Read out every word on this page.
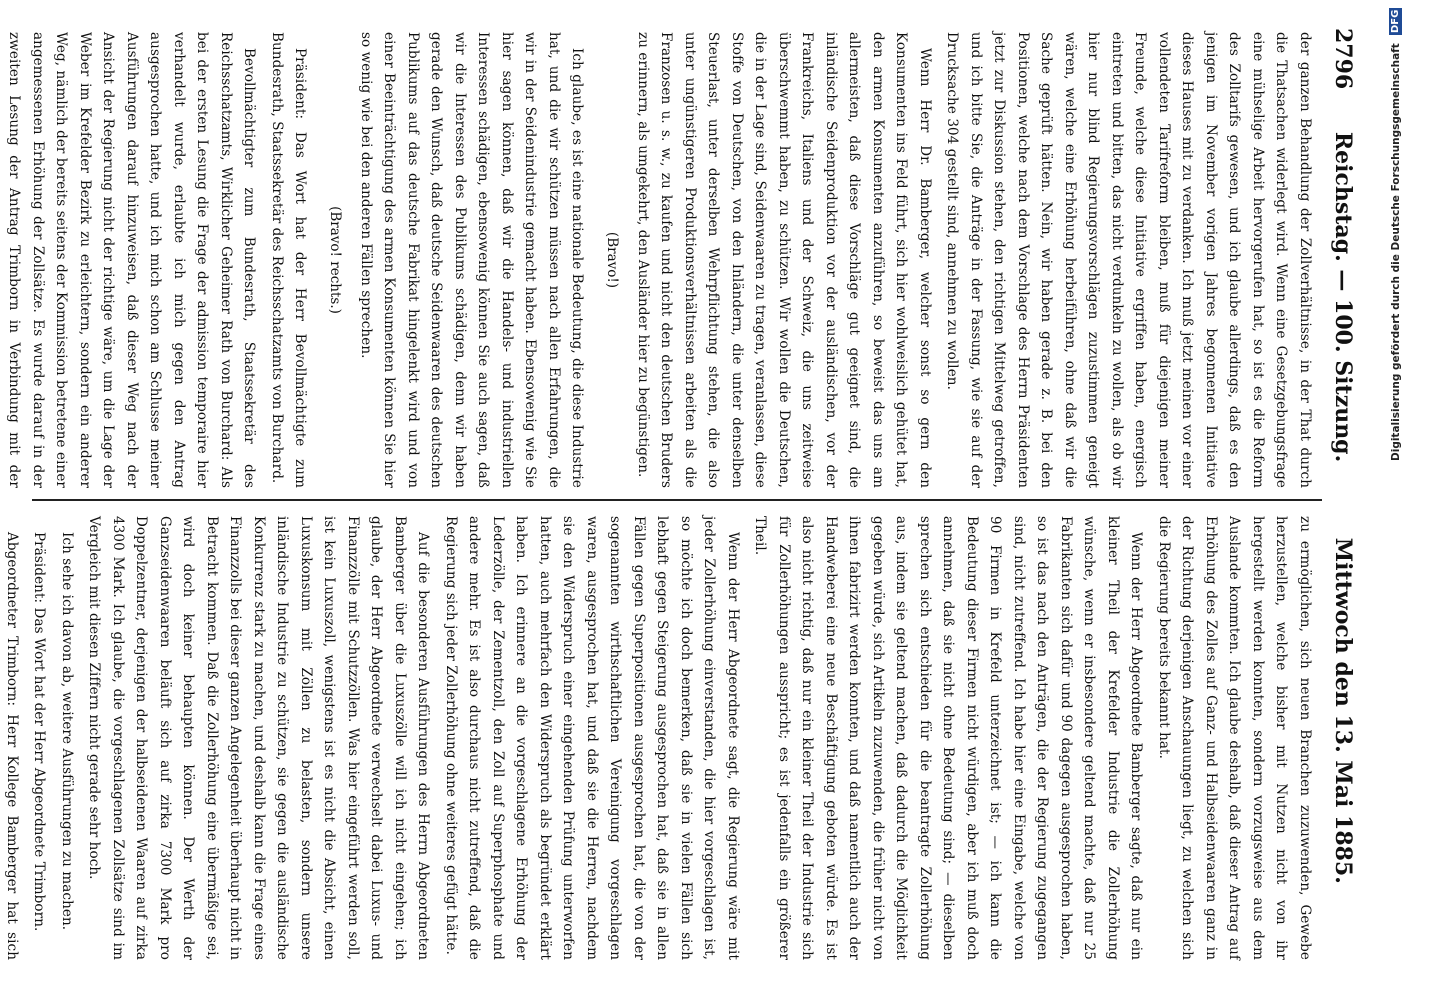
2796
Reichstag. — 100. Sitzung.
Mittwoch den 13. Mai 1885.

der ganzen Behandlung der Zollverhältnisse, in der That durch die Thatsachen widerlegt wird. Wenn eine Gesetzgebungsfrage eine mühselige Arbeit hervorgerufen hat, so ist es die Reform des Zolltarifs gewesen, und ich glaube allerdings, daß es den jenigen im November vorigen Jahres begonnenen Initiative dieses Hauses mit zu verdanken. Ich muß jetzt meinen vor einer vollendeten Tarifreform bleiben, muß für diejenigen meiner Freunde, welche diese Initiative ergriffen haben, energisch eintreten und bitten, das nicht verdunkeln zu wollen, als ob wir hier nur blind Regierungsvorschlägen zuzustimmen geneigt wären, welche eine Erhöhung herbeiführen, ohne daß wir die Sache geprüft hätten. Nein, wir haben gerade z. B. bei den Positionen, welche nach dem Vorschlage des Herrn Präsidenten jetzt zur Diskussion stehen, den richtigen Mittelweg getroffen, und ich bitte Sie, die Anträge in der Fassung, wie sie auf der Drucksache 304 gestellt sind, annehmen zu wollen.

Wenn Herr Dr. Bamberger, welcher sonst so gern den Konsumenten ins Feld führt, sich hier wohlweislich gehütet hat, den armen Konsumenten anzuführen, so beweist das uns am allermeisten, daß diese Vorschläge gut geeignet sind, die inländische Seidenproduktion vor der ausländischen, vor der Frankreichs, Italiens und der Schweiz, die uns zeitweise überschwemmt haben, zu schützen. Wir wollen die Deutschen, die in der Lage sind, Seidenwaaren zu tragen, veranlassen, diese Stoffe von Deutschen, von den Inländern, die unter denselben Steuerlast, unter derselben Wehrpflichtung stehen, die also unter ungünstigeren Produktionsverhältnissen arbeiten als die Franzosen u. s. w., zu kaufen und nicht den deutschen Bruders zu erinnern, als umgekehrt, den Ausländer hier zu begünstigen.

(Bravo!)

Ich glaube, es ist eine nationale Bedeutung, die diese Industrie hat, und die wir schützen müssen nach allen Erfahrungen, die wir in der Seidenindustrie gemacht haben. Ebensowenig wie Sie hier sagen können, daß wir die Handels- und industriellen Interessen schädigen, ebensowenig können Sie auch sagen, daß wir die Interessen des Publikums schädigen, denn wir haben gerade den Wunsch, daß deutsche Seidenwaaren des deutschen Publikums auf das deutsche Fabrikat hingelenkt wird und von einer Beeinträchtigung des armen Konsumenten können Sie hier so wenig wie bei den anderen Fällen sprechen.

(Bravo! rechts.)

Präsident: Das Wort hat der Herr Bevollmächtigte zum Bundesrath, Staatssekretär des Reichsschatzamts von Burchard.

Bevollmächtigter zum Bundesrath, Staatssekretär des Reichsschatzamts, Wirklicher Geheimer Rath von Burchard: Als bei der ersten Lesung die Frage der admission temporaire hier verhandelt wurde, erlaubte ich mich gegen den Antrag ausgesprochen hatte, und ich mich schon am Schlusse meiner Ausführungen darauf hinzuweisen, daß dieser Weg nach der Ansicht der Regierung nicht der richtige wäre, um die Lage der Weber im Krefelder Bezirk zu erleichtern, sondern ein anderer Weg, nämlich der bereits seitens der Kommission betretene einer angemessenen Erhöhung der Zollsätze. Es wurde darauf in der zweiten Lesung der Antrag Trimborn in Verbindung mit der

zu ermöglichen, sich neuen Branchen zuzuwenden, Gewebe herzustellen, welche bisher mit Nutzen nicht von ihr hergestellt werden konnten, sondern vorzugsweise aus dem Auslande kommten. Ich glaube deshalb, daß dieser Antrag auf Erhöhung des Zolles auf Ganz- und Halbseidenwaaren ganz in der Richtung derjenigen Anschauungen liegt, zu welchen sich die Regierung bereits bekannt hat.

Wenn der Herr Abgeordnete Bamberger sagte, daß nur ein kleiner Theil der Krefelder Industrie die Zollerhöhung wünsche, wenn er insbesondere geltend machte, daß nur 25 Fabrikanten sich dafür und 90 dagegen ausgesprochen haben, so ist das nach den Anträgen, die der Regierung zugegangen sind, nicht zutreffend. Ich habe hier eine Eingabe, welche von 90 Firmen in Krefeld unterzeichnet ist; — ich kann die Bedeutung dieser Firmen nicht würdigen, aber ich muß doch annehmen, daß sie nicht ohne Bedeutung sind; — dieselben sprechen sich entschieden für die beantragte Zollerhöhung aus, indem sie geltend machen, daß dadurch die Möglichkeit gegeben würde, sich Artikeln zuzuwenden, die früher nicht von ihnen fabrizirt werden konnten, und daß namentlich auch der Handweberei eine neue Beschäftigung geboten würde. Es ist also nicht richtig, daß nur ein kleiner Theil der Industrie sich für Zollerhöhungen ausspricht; es ist jedenfalls ein größerer Theil.

Wenn der Herr Abgeordnete sagt, die Regierung wäre mit jeder Zollerhöhung einverstanden, die hier vorgeschlagen ist, so möchte ich doch bemerken, daß sie in vielen Fällen sich lebhaft gegen Steigerung ausgesprochen hat, daß sie in allen Fällen gegen Superpositionen ausgesprochen hat, die von der sogenannten wirthschaftlichen Vereinigung vorgeschlagen waren, ausgesprochen hat, und daß sie die Herren, nachdem sie den Widerspruch einer eingehenden Prüfung unterworfen hatten, auch mehrfach den Widerspruch als begründet erklärt haben. Ich erinnere an die vorgeschlagene Erhöhung der Lederzölle, der Zementzoll, den Zoll auf Superphosphate und andere mehr. Es ist also durchaus nicht zutreffend, daß die Regierung sich jeder Zollerhöhung ohne weiteres gefügt hätte.

Auf die besonderen Ausführungen des Herrn Abgeordneten Bamberger über die Luxuszölle will ich nicht eingehen; ich glaube, der Herr Abgeordnete verwechselt dabei Luxus- und Finanzzölle mit Schutzzöllen. Was hier eingeführt werden soll, ist kein Luxuszoll, wenigstens ist es nicht die Absicht, einen Luxuskonsum mit Zöllen zu belasten, sondern unsere inländische Industrie zu schützen, sie gegen die ausländische Konkurrenz stark zu machen, und deshalb kann die Frage eines Finanzzolls bei dieser ganzen Angelegenheit überhaupt nicht in Betracht kommen. Daß die Zollerhöhung eine übermäßige sei, wird doch keiner behaupten können. Der Werth der Ganzseidenwaaren beläuft sich auf zirka 7300 Mark pro Doppelzentner, derjenigen der halbseidenen Waaren auf zirka 4300 Mark. Ich glaube, die vorgeschlagenen Zollsätze sind im Vergleich mit diesen Ziffern nicht gerade sehr hoch.

Ich sehe ich davon ab, weitere Ausführungen zu machen.

Präsident: Das Wort hat der Herr Abgeordnete Trimborn.

Abgeordneter Trimborn: Herr Kollege Bamberger hat sich

Digitalisierung gefördert durch die Deutsche Forschungsgemeinschaft DFG
